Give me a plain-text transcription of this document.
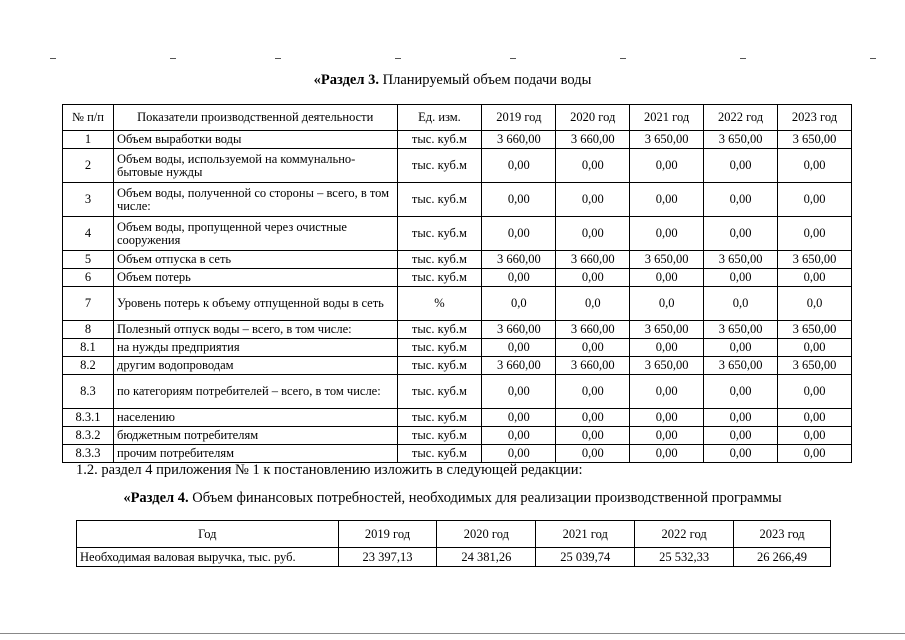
«Раздел 3. Планируемый объем подачи воды
№ п/п	Показатели производственной деятельности	Ед. изм.	2019 год	2020 год	2021 год	2022 год	2023 год
1	Объем выработки воды	тыс. куб.м	3 660,00	3 660,00	3 650,00	3 650,00	3 650,00
2	Объем воды, используемой на коммунально-бытовые нужды	тыс. куб.м	0,00	0,00	0,00	0,00	0,00
3	Объем воды, полученной со стороны – всего, в том числе:	тыс. куб.м	0,00	0,00	0,00	0,00	0,00
4	Объем воды, пропущенной через очистные сооружения	тыс. куб.м	0,00	0,00	0,00	0,00	0,00
5	Объем отпуска в сеть	тыс. куб.м	3 660,00	3 660,00	3 650,00	3 650,00	3 650,00
6	Объем потерь	тыс. куб.м	0,00	0,00	0,00	0,00	0,00
7	Уровень потерь к объему отпущенной воды в сеть	%	0,0	0,0	0,0	0,0	0,0
8	Полезный отпуск воды – всего, в том числе:	тыс. куб.м	3 660,00	3 660,00	3 650,00	3 650,00	3 650,00
8.1	на нужды предприятия	тыс. куб.м	0,00	0,00	0,00	0,00	0,00
8.2	другим водопроводам	тыс. куб.м	3 660,00	3 660,00	3 650,00	3 650,00	3 650,00
8.3	по категориям потребителей – всего, в том числе:	тыс. куб.м	0,00	0,00	0,00	0,00	0,00
8.3.1	населению	тыс. куб.м	0,00	0,00	0,00	0,00	0,00
8.3.2	бюджетным потребителям	тыс. куб.м	0,00	0,00	0,00	0,00	0,00
8.3.3	прочим потребителям	тыс. куб.м	0,00	0,00	0,00	0,00	0,00
1.2. раздел 4 приложения № 1 к постановлению изложить в следующей редакции:
«Раздел 4. Объем финансовых потребностей, необходимых для реализации производственной программы
Год	2019 год	2020 год	2021 год	2022 год	2023 год
Необходимая валовая выручка, тыс. руб.	23 397,13	24 381,26	25 039,74	25 532,33	26 266,49
